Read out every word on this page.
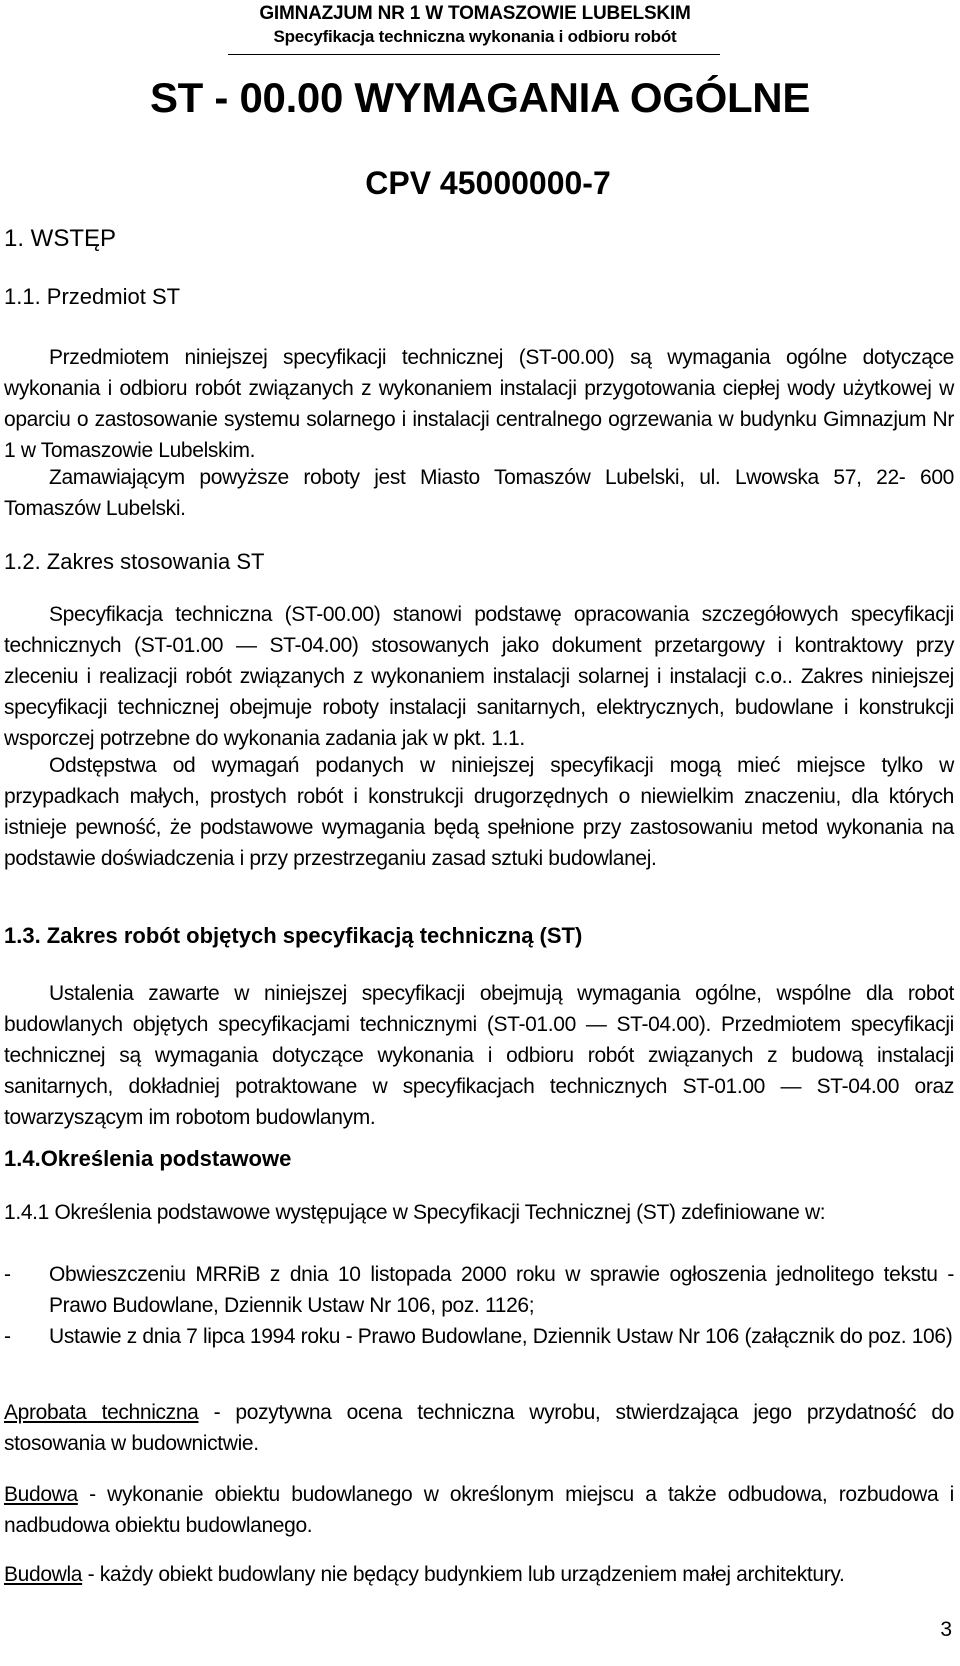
GIMNAZJUM NR 1 W TOMASZOWIE LUBELSKIM
Specyfikacja techniczna wykonania i odbioru robót
ST - 00.00 WYMAGANIA OGÓLNE
CPV 45000000-7
1. WSTĘP
1.1. Przedmiot ST
Przedmiotem niniejszej specyfikacji technicznej (ST-00.00) są wymagania ogólne dotyczące wykonania i odbioru robót związanych z wykonaniem instalacji przygotowania ciepłej wody użytkowej w oparciu o zastosowanie systemu solarnego i instalacji centralnego ogrzewania w budynku Gimnazjum Nr 1 w Tomaszowie Lubelskim.
Zamawiającym powyższe roboty jest Miasto Tomaszów Lubelski, ul. Lwowska 57, 22- 600 Tomaszów Lubelski.
1.2. Zakres stosowania ST
Specyfikacja techniczna (ST-00.00) stanowi podstawę opracowania szczegółowych specyfikacji technicznych (ST-01.00 — ST-04.00) stosowanych jako dokument przetargowy i kontraktowy przy zleceniu i realizacji robót związanych z wykonaniem instalacji solarnej i instalacji c.o.. Zakres niniejszej specyfikacji technicznej obejmuje roboty instalacji sanitarnych, elektrycznych, budowlane i konstrukcji wsporczej potrzebne do wykonania zadania jak w pkt. 1.1.
Odstępstwa od wymagań podanych w niniejszej specyfikacji mogą mieć miejsce tylko w przypadkach małych, prostych robót i konstrukcji drugorzędnych o niewielkim znaczeniu, dla których istnieje pewność, że podstawowe wymagania będą spełnione przy zastosowaniu metod wykonania na podstawie doświadczenia i przy przestrzeganiu zasad sztuki budowlanej.
1.3. Zakres robót objętych specyfikacją techniczną (ST)
Ustalenia zawarte w niniejszej specyfikacji obejmują wymagania ogólne, wspólne dla robot budowlanych objętych specyfikacjami technicznymi (ST-01.00 — ST-04.00). Przedmiotem specyfikacji technicznej są wymagania dotyczące wykonania i odbioru robót związanych z budową instalacji sanitarnych, dokładniej potraktowane w specyfikacjach technicznych ST-01.00 — ST-04.00 oraz towarzyszącym im robotom budowlanym.
1.4.Określenia podstawowe
1.4.1 Określenia podstawowe występujące w Specyfikacji Technicznej (ST) zdefiniowane w:
-	Obwieszczeniu MRRiB z dnia 10 listopada 2000 roku w sprawie ogłoszenia jednolitego tekstu - Prawo Budowlane, Dziennik Ustaw Nr 106, poz. 1126;
-	Ustawie z dnia 7 lipca 1994 roku - Prawo Budowlane, Dziennik Ustaw Nr 106 (załącznik do poz. 106)
Aprobata techniczna - pozytywna ocena techniczna wyrobu, stwierdzająca jego przydatność do stosowania w budownictwie.
Budowa - wykonanie obiektu budowlanego w określonym miejscu a także odbudowa, rozbudowa i nadbudowa obiektu budowlanego.
Budowla - każdy obiekt budowlany nie będący budynkiem lub urządzeniem małej architektury.
3
